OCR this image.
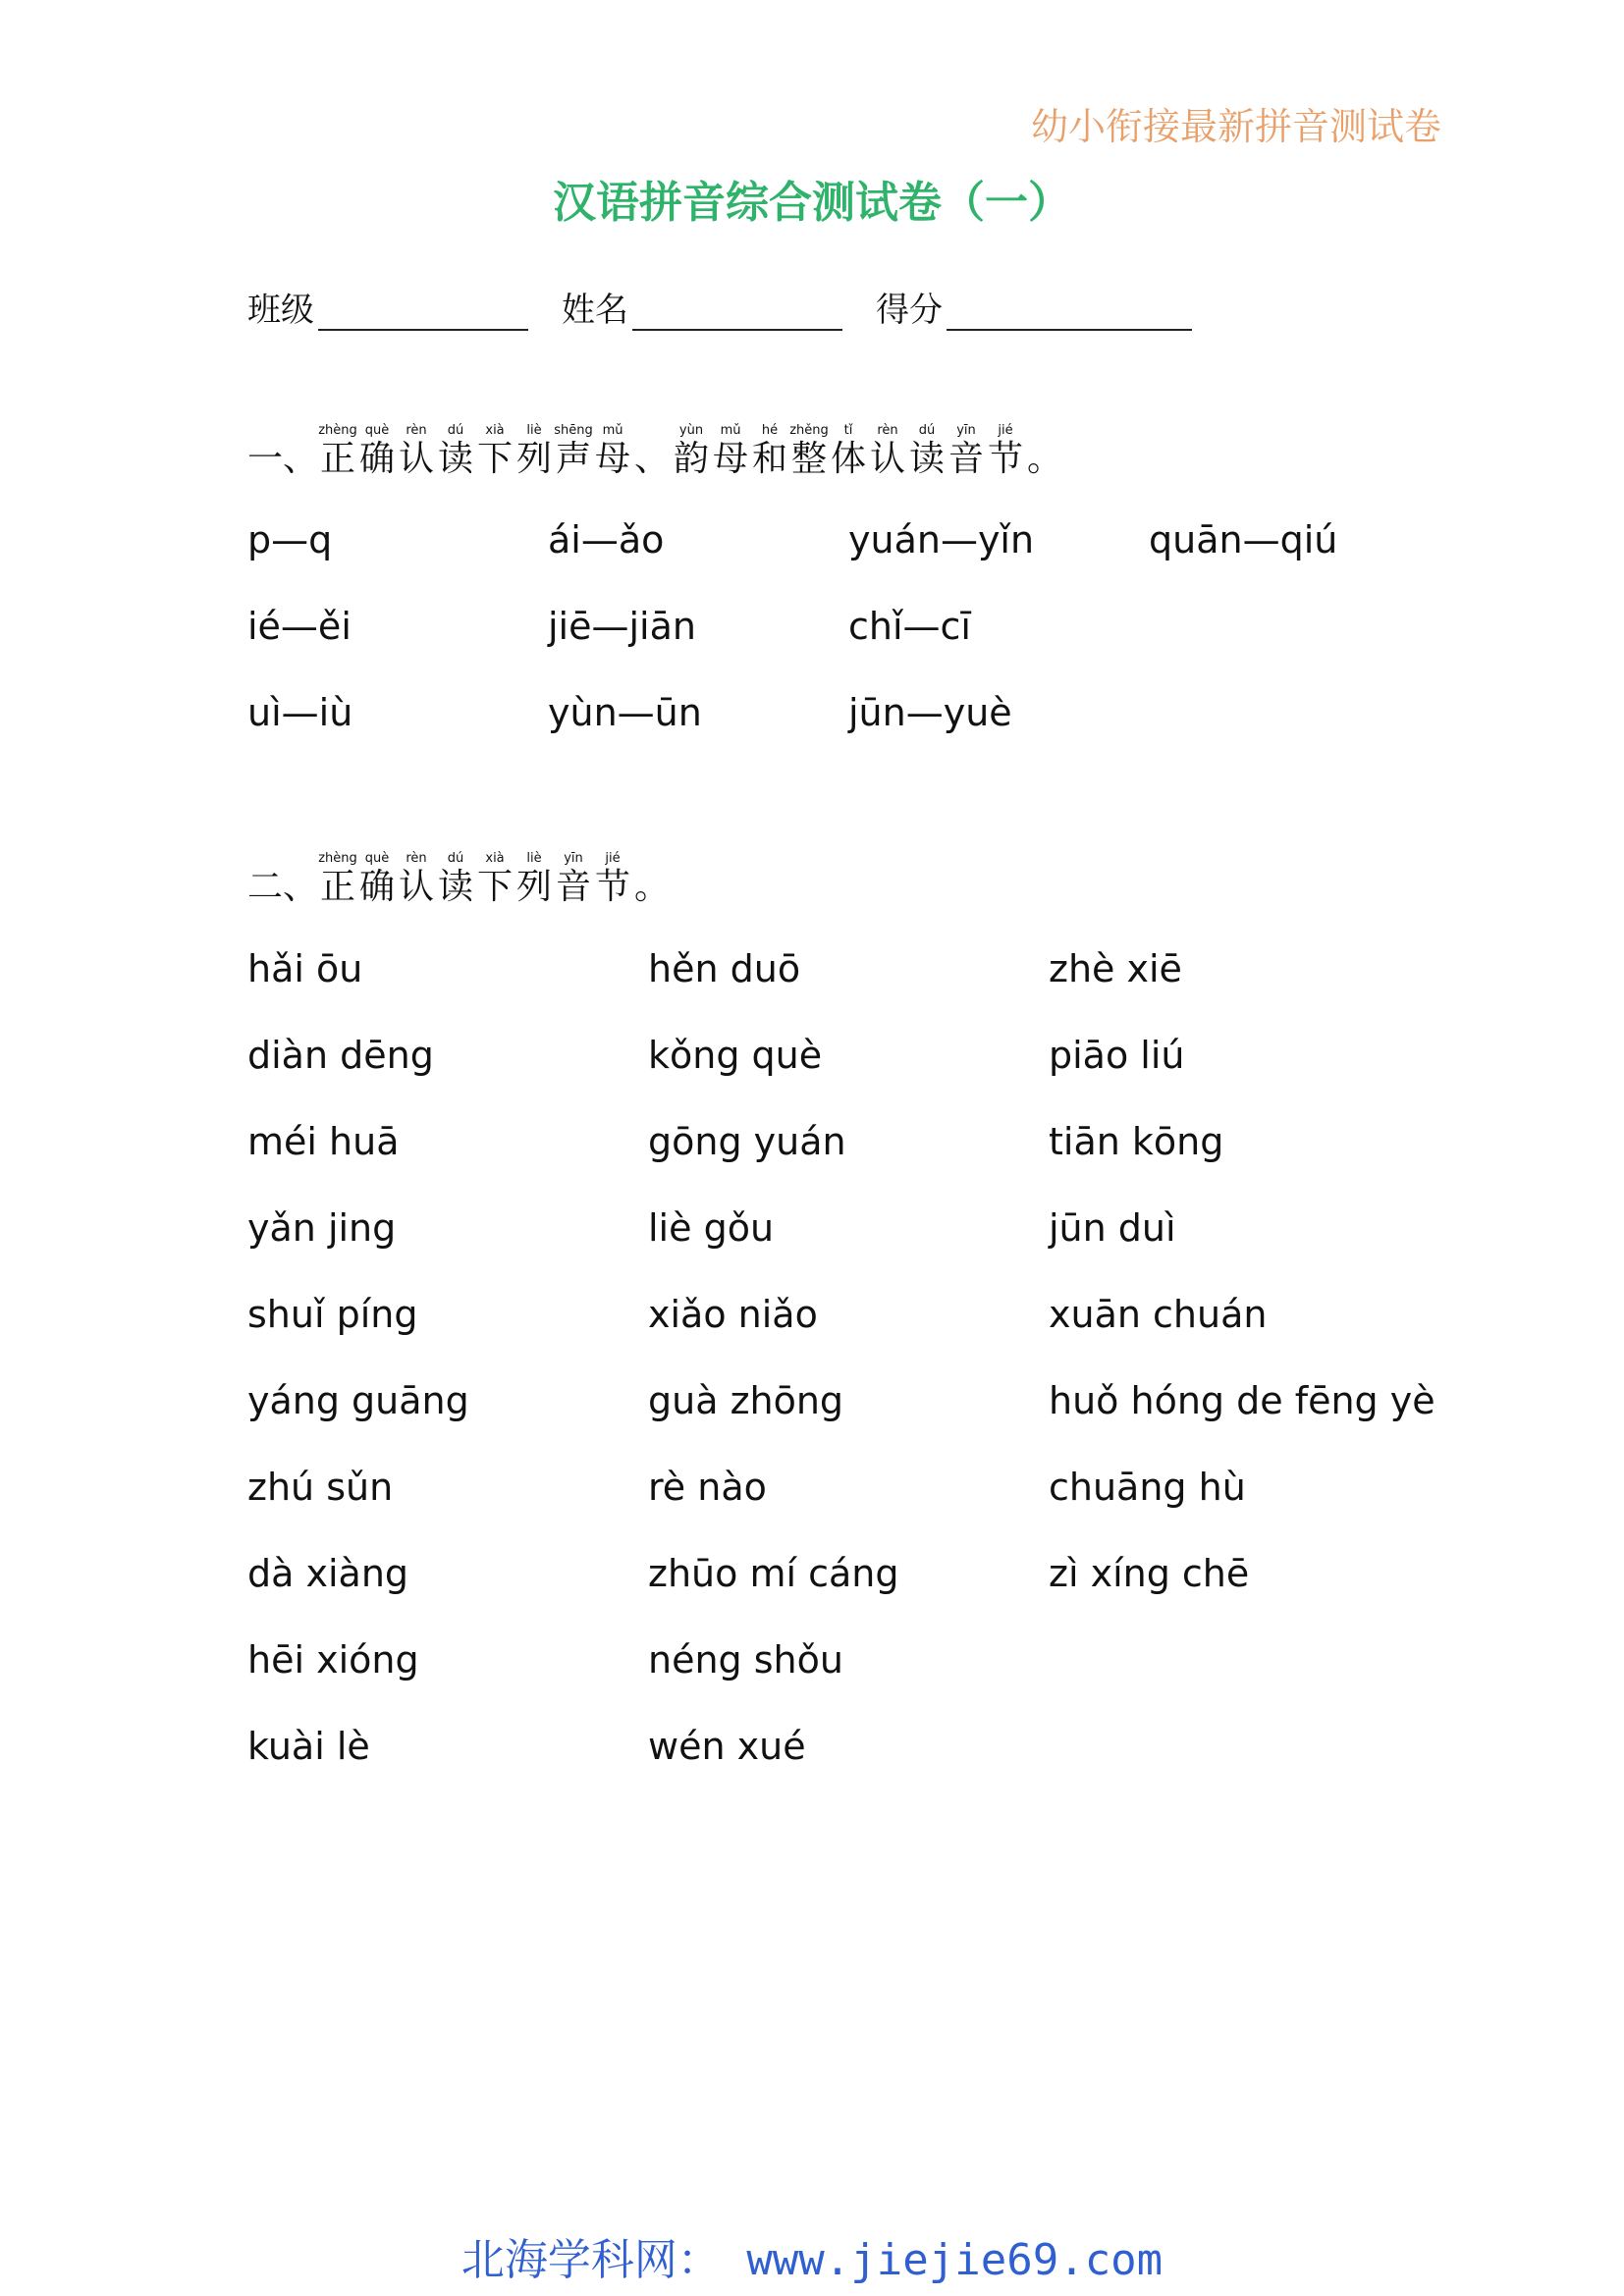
幼小衔接最新拼音测试卷
汉语拼音综合测试卷（一）
班级	姓名	得分
一、
zhèng
正
què
确
rèn
认
dú
读
xià
下
liè
列
shēng
声
mǔ
母 、
yùn
韵
mǔ
母
hé
和
zhěng
整
tǐ
体
rèn
认
dú
读
yīn
音
jié
节 。
p—q	ái—ǎo	yuán—yǐn	quān—qiú
ié—ěi	jiē—jiān	chǐ—cī
uì—iù	yùn—ūn	jūn—yuè
二、
zhèng
正
què
确
rèn
认
dú
读
xià
下
liè
列
yīn
音
jié
节 。
hǎi ōu	hěn duō	zhè xiē
diàn dēng	kǒng què	piāo liú
méi huā	gōng yuán	tiān kōng
yǎn jing	liè gǒu	jūn duì
shuǐ píng	xiǎo niǎo	xuān chuán
yáng guāng	guà zhōng	huǒ hóng de fēng yè
zhú sǔn	rè nào	chuāng hù
dà xiàng	zhūo mí cáng	zì xíng chē
hēi xióng	néng shǒu
kuài lè	wén xué
北海学科网： www.jiejie69.com
